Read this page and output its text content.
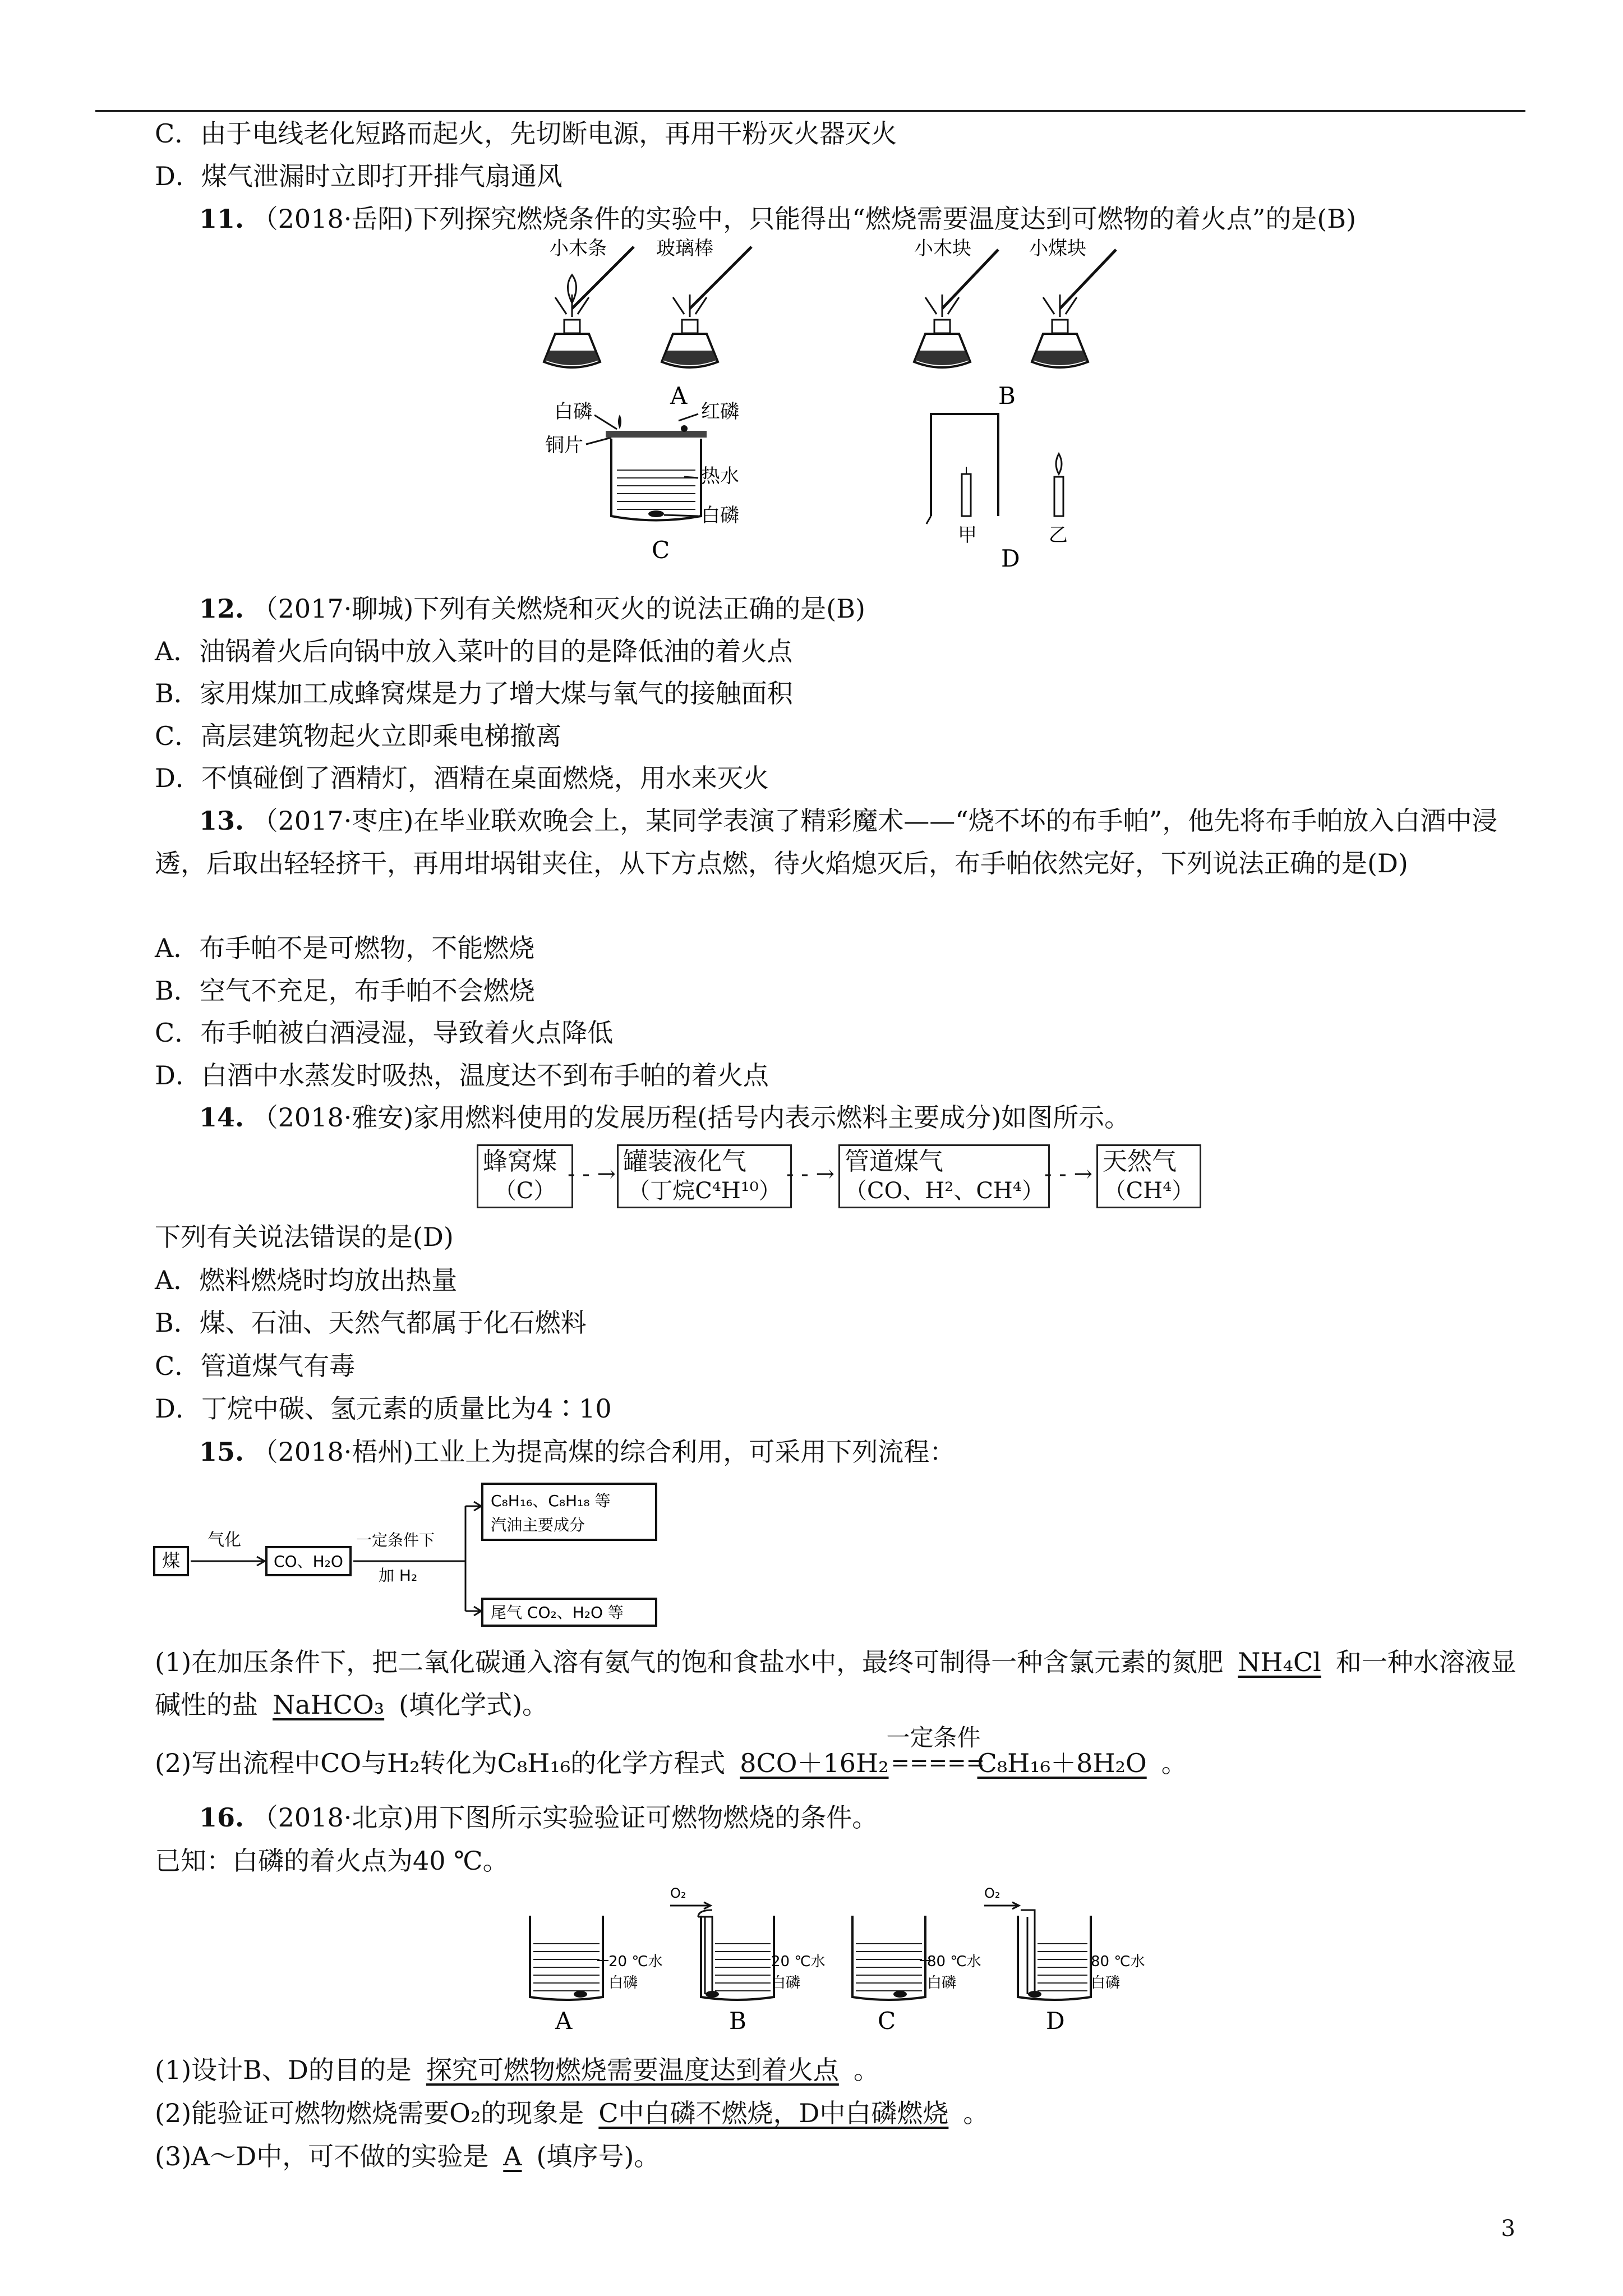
C．由于电线老化短路而起火，先切断电源，再用干粉灭火器灭火
D．煤气泄漏时立即打开排气扇通风
11. （2018·岳阳)下列探究燃烧条件的实验中，只能得出“燃烧需要温度达到可燃物的着火点”的是(B)
小木条	玻璃棒
A
小木块	小煤块
B
白磷	红磷
铜片
热水
白磷
C
甲	乙
D
12. （2017·聊城)下列有关燃烧和灭火的说法正确的是(B)
A．油锅着火后向锅中放入菜叶的目的是降低油的着火点
B．家用煤加工成蜂窝煤是力了增大煤与氧气的接触面积
C．高层建筑物起火立即乘电梯撤离
D．不慎碰倒了酒精灯，酒精在桌面燃烧，用水来灭火
13. （2017·枣庄)在毕业联欢晚会上，某同学表演了精彩魔术——“烧不坏的布手帕”，他先将布手帕放入白酒中浸透，后取出轻轻挤干，再用坩埚钳夹住，从下方点燃，待火焰熄灭后，布手帕依然完好，下列说法正确的是(D)
A．布手帕不是可燃物，不能燃烧
B．空气不充足，布手帕不会燃烧
C．布手帕被白酒浸湿，导致着火点降低
D．白酒中水蒸发时吸热，温度达不到布手帕的着火点
14. （2018·雅安)家用燃料使用的发展历程(括号内表示燃料主要成分)如图所示。
蜂窝煤
（C）
- - → 罐装液化气
（丁烷C⁴H¹⁰）
- - → 管道煤气
（CO、H²、CH⁴）
- - → 天然气
（CH⁴）
下列有关说法错误的是(D)
A．燃料燃烧时均放出热量
B．煤、石油、天然气都属于化石燃料
C．管道煤气有毒
D．丁烷中碳、氢元素的质量比为4∶10
15. （2018·梧州)工业上为提高煤的综合利用，可采用下列流程：
煤
气化
CO、H₂O
一定条件下
加 H₂
C₈H₁₆、C₈H₁₈ 等
汽油主要成分
尾气 CO₂、H₂O 等
(1)在加压条件下，把二氧化碳通入溶有氨气的饱和食盐水中，最终可制得一种含氯元素的氮肥 NH₄Cl 和一种水溶液显碱性的盐 NaHCO₃ (填化学式)。
(2)写出流程中CO与H₂转化为C₈H₁₆的化学方程式 8CO＋16H₂
一定条件
=====C₈H₁₆＋8H₂O 。
16. （2018·北京)用下图所示实验验证可燃物燃烧的条件。
已知：白磷的着火点为40 ℃。
20 ℃水
白磷
A
O₂
20 ℃水
白磷
B
80 ℃水
白磷
C
O₂
80 ℃水
白磷
D
(1)设计B、D的目的是 探究可燃物燃烧需要温度达到着火点 。
(2)能验证可燃物燃烧需要O₂的现象是 C中白磷不燃烧，D中白磷燃烧 。
(3)A～D中，可不做的实验是 A (填序号)。
3
